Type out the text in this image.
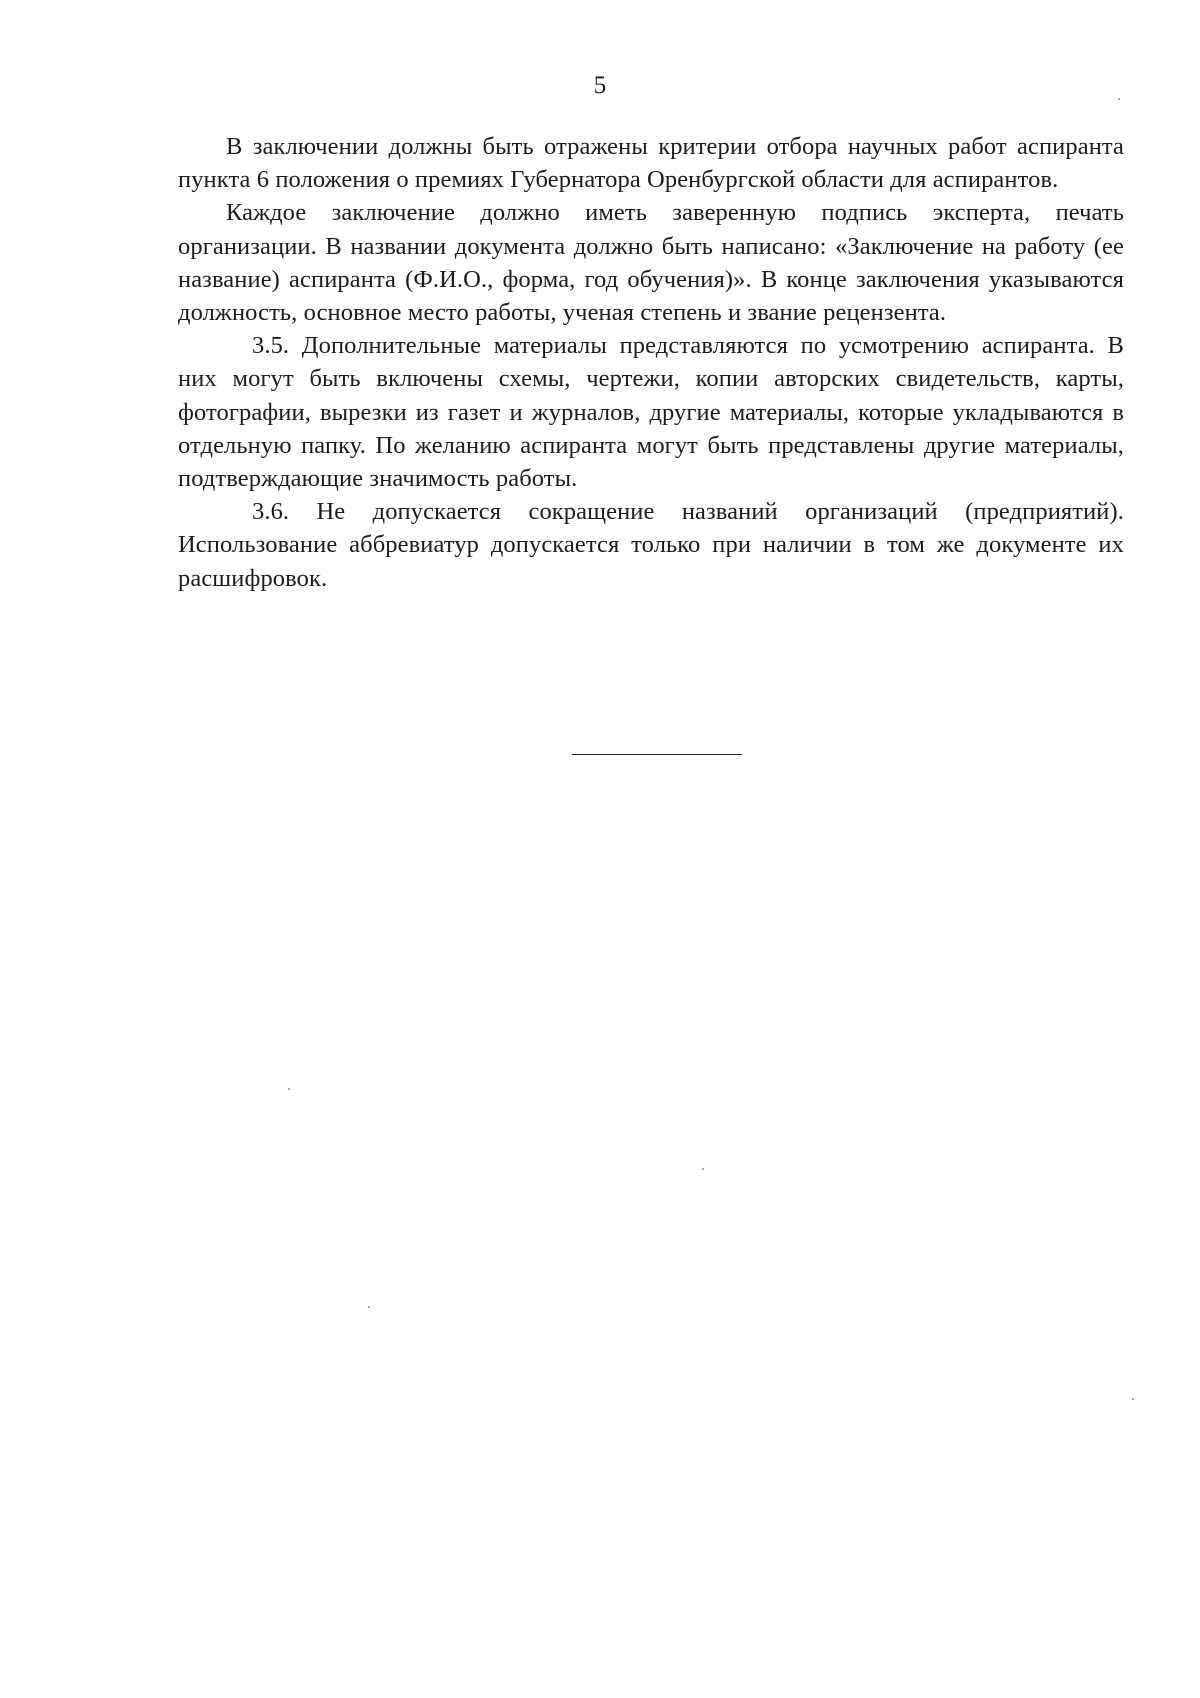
5

В заключении должны быть отражены критерии отбора научных работ аспиранта пункта 6 положения о премиях Губернатора Оренбургской области для аспирантов.

Каждое заключение должно иметь заверенную подпись эксперта, печать организации. В названии документа должно быть написано: «Заключение на работу (ее название) аспиранта (Ф.И.О., форма, год обучения)». В конце заключения указываются должность, основное место работы, ученая степень и звание рецензента.

3.5. Дополнительные материалы представляются по усмотрению аспиранта. В них могут быть включены схемы, чертежи, копии авторских свидетельств, карты, фотографии, вырезки из газет и журналов, другие материалы, которые укладываются в отдельную папку. По желанию аспиранта могут быть представлены другие материалы, подтверждающие значимость работы.

3.6. Не допускается сокращение названий организаций (предприятий). Использование аббревиатур допускается только при наличии в том же документе их расшифровок.
